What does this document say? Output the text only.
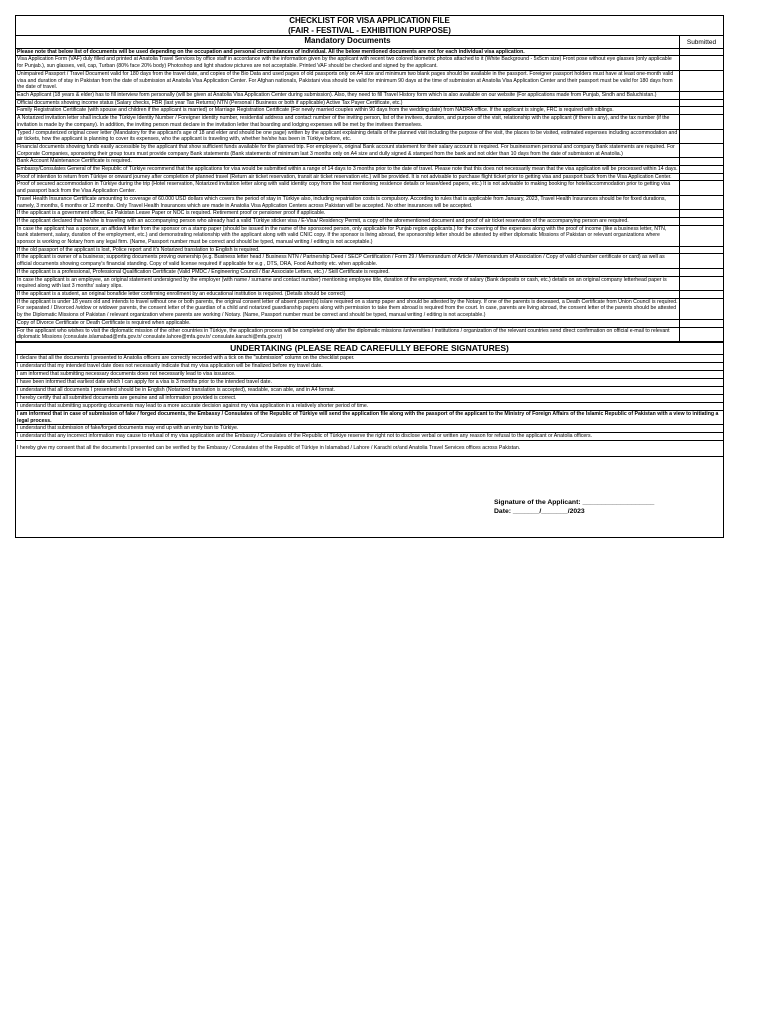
CHECKLIST FOR VISA APPLICATION FILE
(FAIR - FESTIVAL - EXHIBITION PURPOSE)
Mandatory Documents	Submitted
Please note that below list of documents will be used depending on the occupation and personal circumstances of individual. All the below mentioned documents are not for each individual visa application.
Visa Application Form (VAF) duly filled and printed at Anatolia Travel Services by office staff in accordance with the information given by the applicant with recent two colored biometric photos attached to it (White Background - 5x5cm size) Front pose without eye glasses (only applicable for Punjab.), sun glasses, veil, cap, Turban (80% face 20% body) Photoshop and light shadow pictures are not acceptable. Printed VAF should be checked and signed by the applicant.
Unimpaired Passport / Travel Document valid for 180 days from the travel date, and copies of the Bio Data and used pages of old passports only on A4 size and minimum two blank pages should be available in the passport. Foreigner passport holders must have at least one-month valid visa and duration of stay in Pakistan from the date of submission at Anatolia Visa Application Center. For Afghan nationals, Pakistani visa should be valid for minimum 90 days at the time of submission at Anatolia Visa Application Center and their passport must be valid for 180 days from the date of travel.
Each Applicant (18 years & elder) has to fill interview form personally (will be given at Anatolia Visa Application Center during submission). Also, they need to fill Travel History form which is also available on our website (For applications made from Punjab, Sindh and Baluchistan.)
Official documents showing income status (Salary checks, FBR (last year Tax Returns) NTN (Personal / Business or both if applicable) Active Tax Payer Certificate, etc.)
Family Registration Certificate (with spouse and children if the applicant is married) or Marriage Registration Certificate (For newly married couples within 90 days from the wedding date) from NADRA office. If the applicant is single, FRC is required with siblings.
A Notarized invitation letter shall include the Türkiye Identity Number / Foreigner identity number, residential address and contact number of the inviting person, list of the invitees, duration, and purpose of the visit, relationship with the applicant (if there is any), and the tax number (if the invitation is made by the company). In addition, the inviting person must declare in the invitation letter that boarding and lodging expenses will be met by the invitees themselves.
Typed / computerized original cover letter (Mandatory for the applicant's age of 18 and elder and should be one page) written by the applicant explaining details of the planned visit including the purpose of the visit, the places to be visited, estimated expenses including accommodation and air tickets, how the applicant is planning to cover its expenses, who the applicant is traveling with, whether he/she has been in Türkiye before, etc.
Financial documents showing funds easily accessible by the applicant that show sufficient funds available for the planned trip. For employee's, original Bank account statement for their salary account is required. For businessmen personal and company Bank statements are required. For Corporate Companies, sponsoring their group tours must provide company Bank statements (Bank statements of minimum last 3 months only on A4 size and dully signed & stamped from the bank and not older than 10 days from the date of submission at Anatolia.)
Bank Account Maintenance Certificate is required.
Embassy/Consulates General of the Republic of Türkiye recommend that the applications for visa would be submitted within a range of 14 days to 3 months prior to the date of travel. Please note that this does not necessarily mean that the visa application will be processed within 14 days.
Proof of intention to return from Türkiye or onward journey after completion of planned travel (Return air ticket reservation, transit air ticket reservation etc.) will be provided. It is not advisable to purchase flight ticket prior to getting visa and passport back from the Visa Application Center.
Proof of secured accommodation in Türkiye during the trip (Hotel reservation, Notarized invitation letter along with valid identity copy from the host mentioning residence details or lease/deed papers, etc.) It is not advisable to making booking for hotel/accommodation prior to getting visa and passport back from the Visa Application Center.
Travel Health Insurance Certificate amounting to coverage of 60.000 USD dollars which covers the period of stay in Türkiye also, including repatriation costs is compulsory. According to rules that is applicable from January, 2023, Travel Health Insurances should be for fixed durations, namely, 3 months, 6 months or 12 months. Only Travel Health Insurances which are made in Anatolia Visa Application Centers across Pakistan will be accepted. No other insurances will be accepted.
If the applicant is a government officer, Ex Pakistan Leave Paper or NOC is required. Retirement proof or pensioner proof if applicable.
If the applicant declared that he/she is traveling with an accompanying person who already had a valid Türkiye sticker visa / E-Visa/ Residency Permit, a copy of the aforementioned document and proof of air ticket reservation of the accompanying person are required.
In case the applicant has a sponsor, an affidavit letter from the sponsor on a stamp paper (should be issued in the name of the sponsored person, only applicable for Punjab region applicants.) for the covering of the expenses along with the proof of income (like a business letter, NTN, bank statement, salary, duration of the employment, etc.) and demonstrating relationship with the applicant along with valid CNIC copy. If the sponsor is living abroad, the sponsorship letter should be attested by either diplomatic Missions of Pakistan or relevant organizations where sponsor is working or Notary from any legal firm. (Name, Passport number must be correct and should be typed, manual writing / editing is not acceptable.)
If the old passport of the applicant is lost, Police report and it's Notarized translation to English is required.
If the applicant is owner of a business; supporting documents proving ownership (e.g. Business letter head / Business NTN / Partnership Deed / SECP Certification / Form 29 / Memorandum of Article / Memorandum of Association / Copy of valid chamber certificate or card) as well as official documents showing company's financial standing. Copy of valid license required if applicable for e.g , DTS, DRA, Food Authority etc. when applicable.
If the applicant is a professional, Professional Qualification Certificate (Valid PMDC / Engineering Council / Bar Associate Letters, etc.) / Skill Certificate is required.
In case the applicant is an employee, an original statement undersigned by the employer (with name / surname and contact number) mentioning employee title, duration of the employment, mode of salary (Bank deposits or cash, etc.) details on an original company letterhead paper is required along with last 3 months' salary slips.
If the applicant is a student, an original bonafide letter confirming enrollment by an educational institution is required. (Details should be correct)
If the applicant is under 18 years old and intends to travel without one or both parents, the original consent letter of absent parent(s) is/are required on a stamp paper and should be attested by the Notary. If one of the parents is deceased, a Death Certificate from Union Council is required. For separated / Divorced /widow or widower parents, the consent letter of the guardian of a child and notarized guardianship papers along with permission to take them abroad is required from the court. In case, parents are living abroad, the consent letter of the parents should be attested by the Diplomatic Missions of Pakistan / relevant organization where parents are working / Notary. (Name, Passport number must be correct and should be typed, manual writing / editing is not acceptable.)
Copy of Divorce Certificate or Death Certificate is required when applicable.
For the applicant who wishes to visit the diplomatic mission of the other countries in Türkiye, the application process will be completed only after the diplomatic missions /universities / institutions / organization of the relevant countries send direct confirmation on official e-mail to relevant diplomatic Missions (consulate.islamabad@mfa.gov.tr/ consulate.lahore@mfa.gov.tr/ consulate.karachi@mfa.gov.tr)
UNDERTAKING (PLEASE READ CAREFULLY BEFORE SIGNATURES)
I declare that all the documents I presented to Anatolia officers are correctly recorded with a tick on the "submission" column on the checklist paper.
I understand that my intended travel date does not necessarily indicate that my visa application will be finalized before my travel date.
I am informed that submitting necessary documents does not necessarily lead to visa issuance.
I have been informed that earliest date which I can apply for a visa is 3 months prior to the intended travel date.
I understand that all documents I presented should be in English (Notarized translation is accepted), readable, scan able, and in A4 format.
I hereby certify that all submitted documents are genuine and all information provided is correct.
I understand that submitting supporting documents may lead to a more accurate decision against my visa application in a relatively shorter period of time.
I am informed that in case of submission of fake / forged documents, the Embassy / Consulates of the Republic of Türkiye will send the application file along with the passport of the applicant to the Ministry of Foreign Affairs of the Islamic Republic of Pakistan with a view to initiating a legal process.
I understand that submission of fake/forged documents may end up with an entry ban to Türkiye.
I understand that any incorrect information may cause to refusal of my visa application and the Embassy / Consulates of the Republic of Türkiye reserve the right not to disclose verbal or written any reason for refusal to the applicant or Anatolia officers.
I hereby give my consent that all the documents I presented can be verified by the Embassy / Consulates of the Republic of Türkiye in Islamabad / Lahore / Karachi or/and Anatolia Travel Services offices across Pakistan.
Signature of the Applicant: ___________________
Date: _______/_______/2023
